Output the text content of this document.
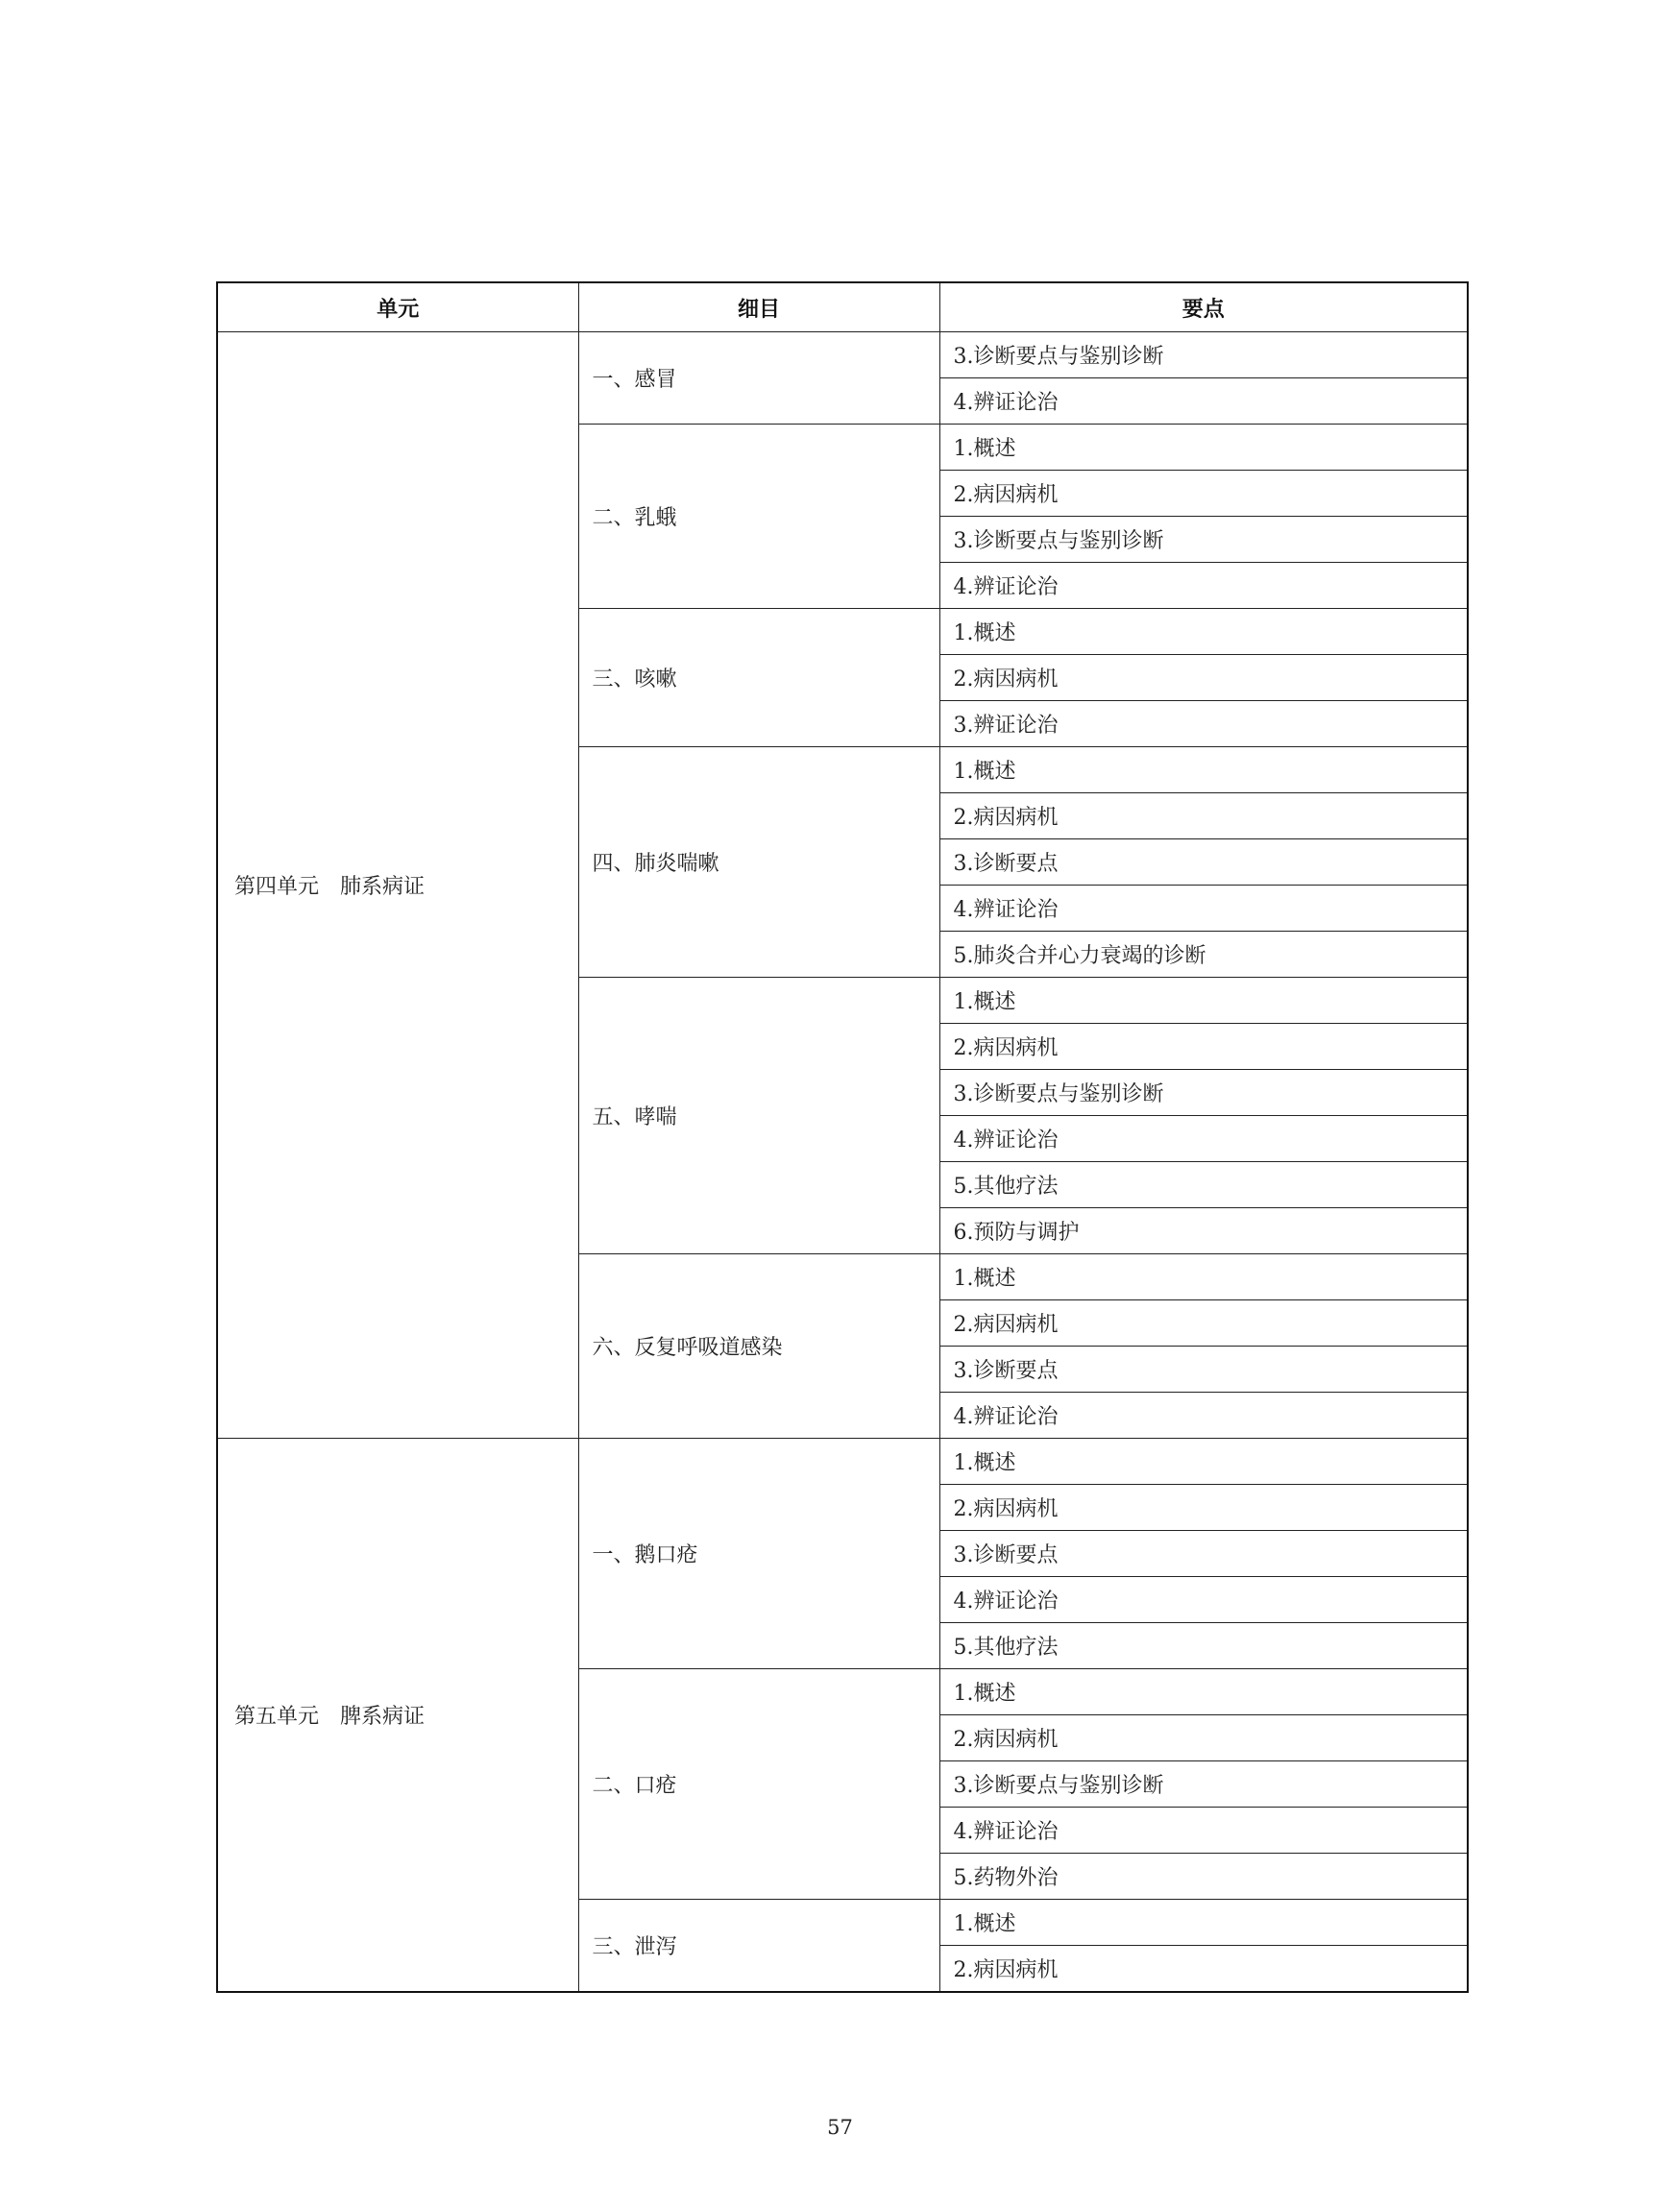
单元	细目	要点
第四单元　肺系病证	一、感冒	3.诊断要点与鉴别诊断
		4.辨证论治
	二、乳蛾	1.概述
		2.病因病机
		3.诊断要点与鉴别诊断
		4.辨证论治
	三、咳嗽	1.概述
		2.病因病机
		3.辨证论治
	四、肺炎喘嗽	1.概述
		2.病因病机
		3.诊断要点
		4.辨证论治
		5.肺炎合并心力衰竭的诊断
	五、哮喘	1.概述
		2.病因病机
		3.诊断要点与鉴别诊断
		4.辨证论治
		5.其他疗法
		6.预防与调护
	六、反复呼吸道感染	1.概述
		2.病因病机
		3.诊断要点
		4.辨证论治
第五单元　脾系病证	一、鹅口疮	1.概述
		2.病因病机
		3.诊断要点
		4.辨证论治
		5.其他疗法
	二、口疮	1.概述
		2.病因病机
		3.诊断要点与鉴别诊断
		4.辨证论治
		5.药物外治
	三、泄泻	1.概述
		2.病因病机
57
